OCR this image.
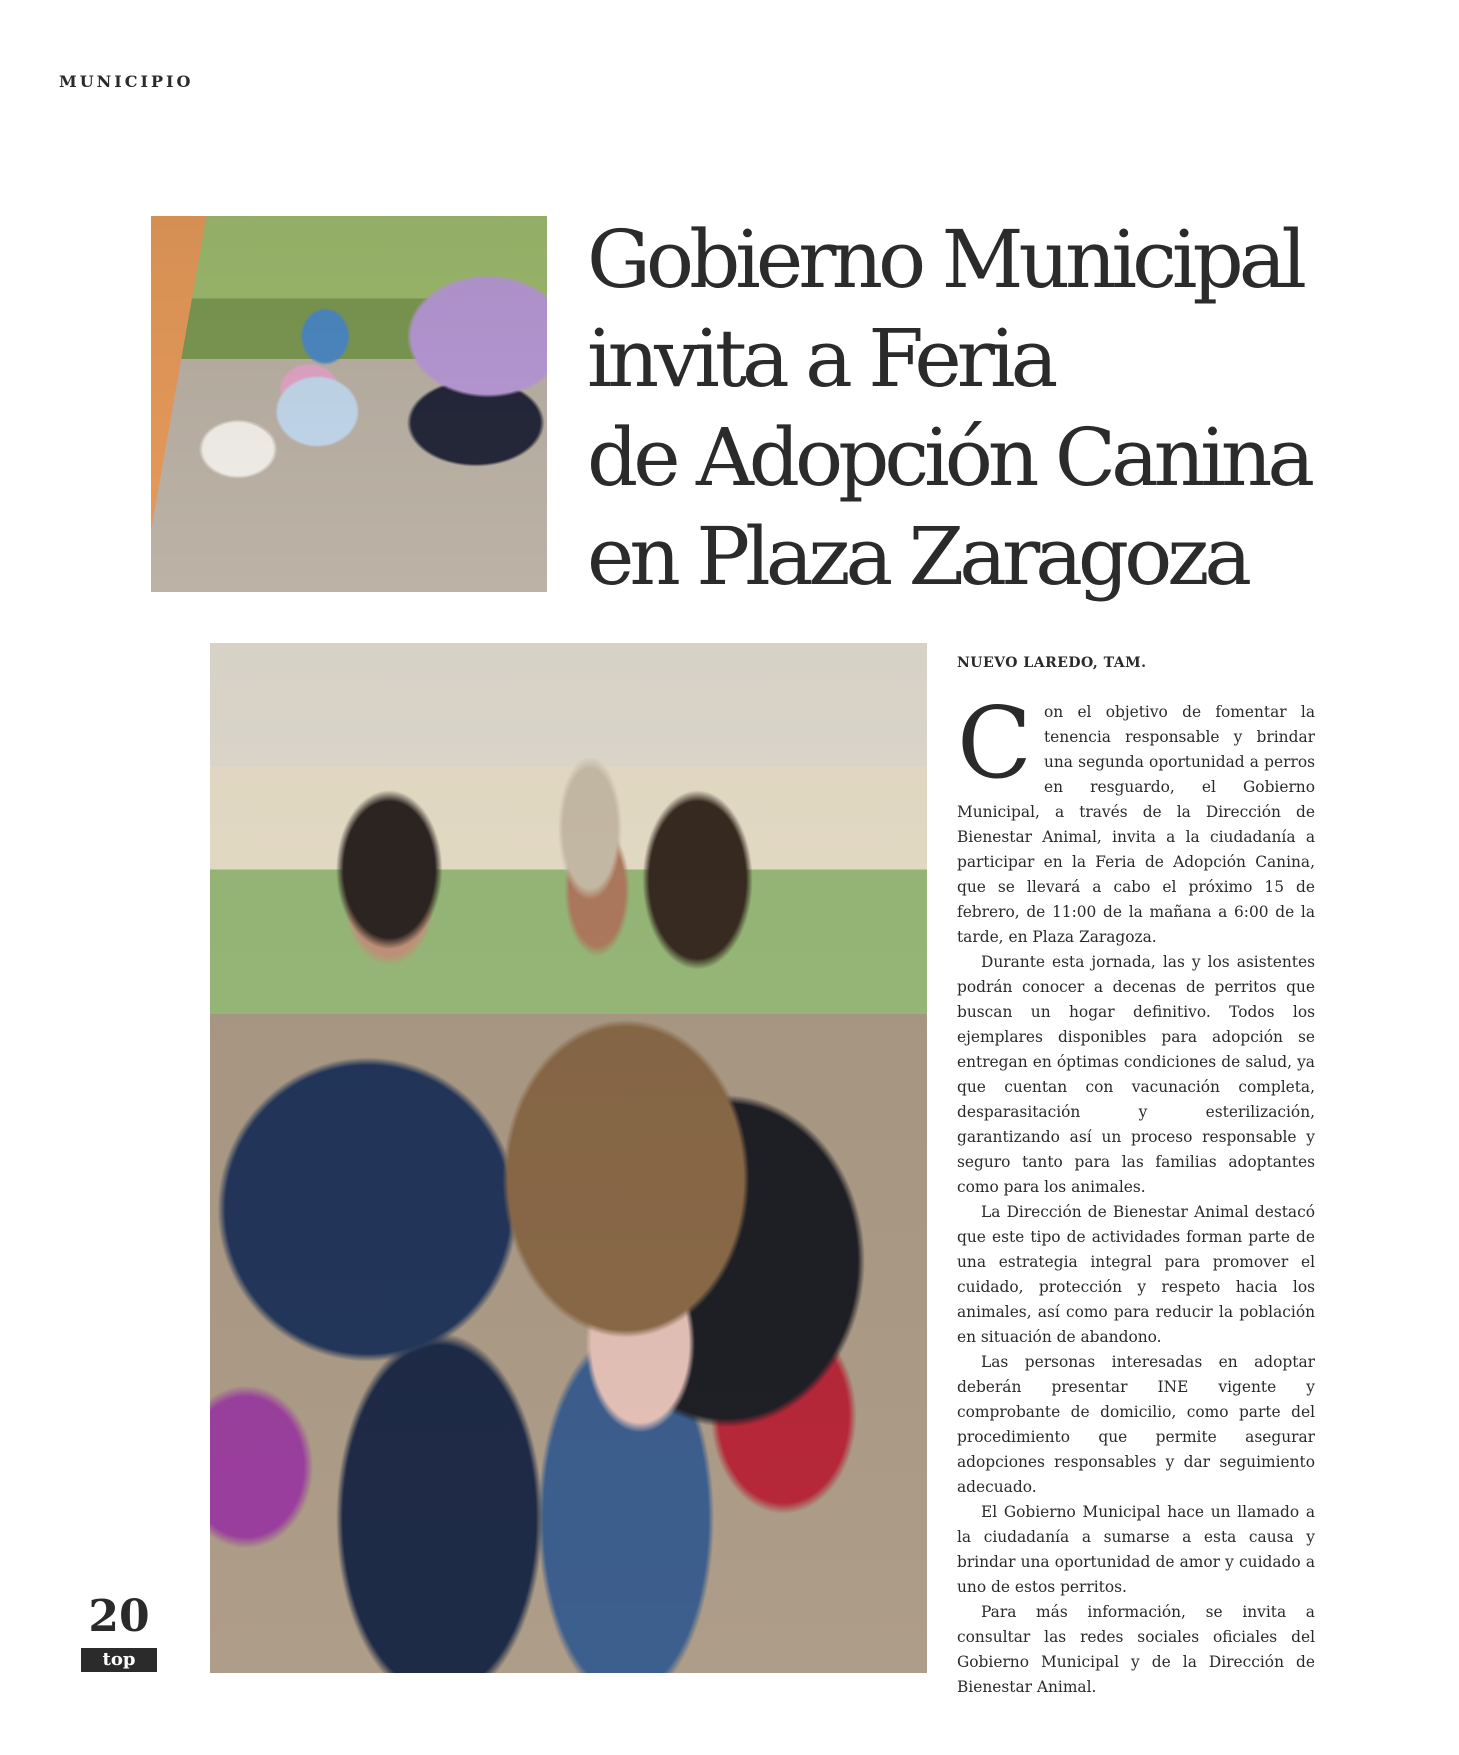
MUNICIPIO
Gobierno Municipal
invita a Feria
de Adopción Canina
en Plaza Zaragoza
NUEVO LAREDO, TAM.

Con el objetivo de fomentar la tenencia responsable y brindar una segunda oportunidad a perros en resguardo, el Gobierno Municipal, a través de la Dirección de Bienestar Animal, invita a la ciudadanía a participar en la Feria de Adopción Canina, que se llevará a cabo el próximo 15 de febrero, de 11:00 de la mañana a 6:00 de la tarde, en Plaza Zaragoza.

Durante esta jornada, las y los asistentes podrán conocer a decenas de perritos que buscan un hogar definitivo. Todos los ejemplares disponibles para adopción se entregan en óptimas condiciones de salud, ya que cuentan con vacunación completa, desparasitación y esterilización, garantizando así un proceso responsable y seguro tanto para las familias adoptantes como para los animales.

La Dirección de Bienestar Animal destacó que este tipo de actividades forman parte de una estrategia integral para promover el cuidado, protección y respeto hacia los animales, así como para reducir la población en situación de abandono.

Las personas interesadas en adoptar deberán presentar INE vigente y comprobante de domicilio, como parte del procedimiento que permite asegurar adopciones responsables y dar seguimiento adecuado.

El Gobierno Municipal hace un llamado a la ciudadanía a sumarse a esta causa y brindar una oportunidad de amor y cuidado a uno de estos perritos.

Para más información, se invita a consultar las redes sociales oficiales del Gobierno Municipal y de la Dirección de Bienestar Animal.

20
top
